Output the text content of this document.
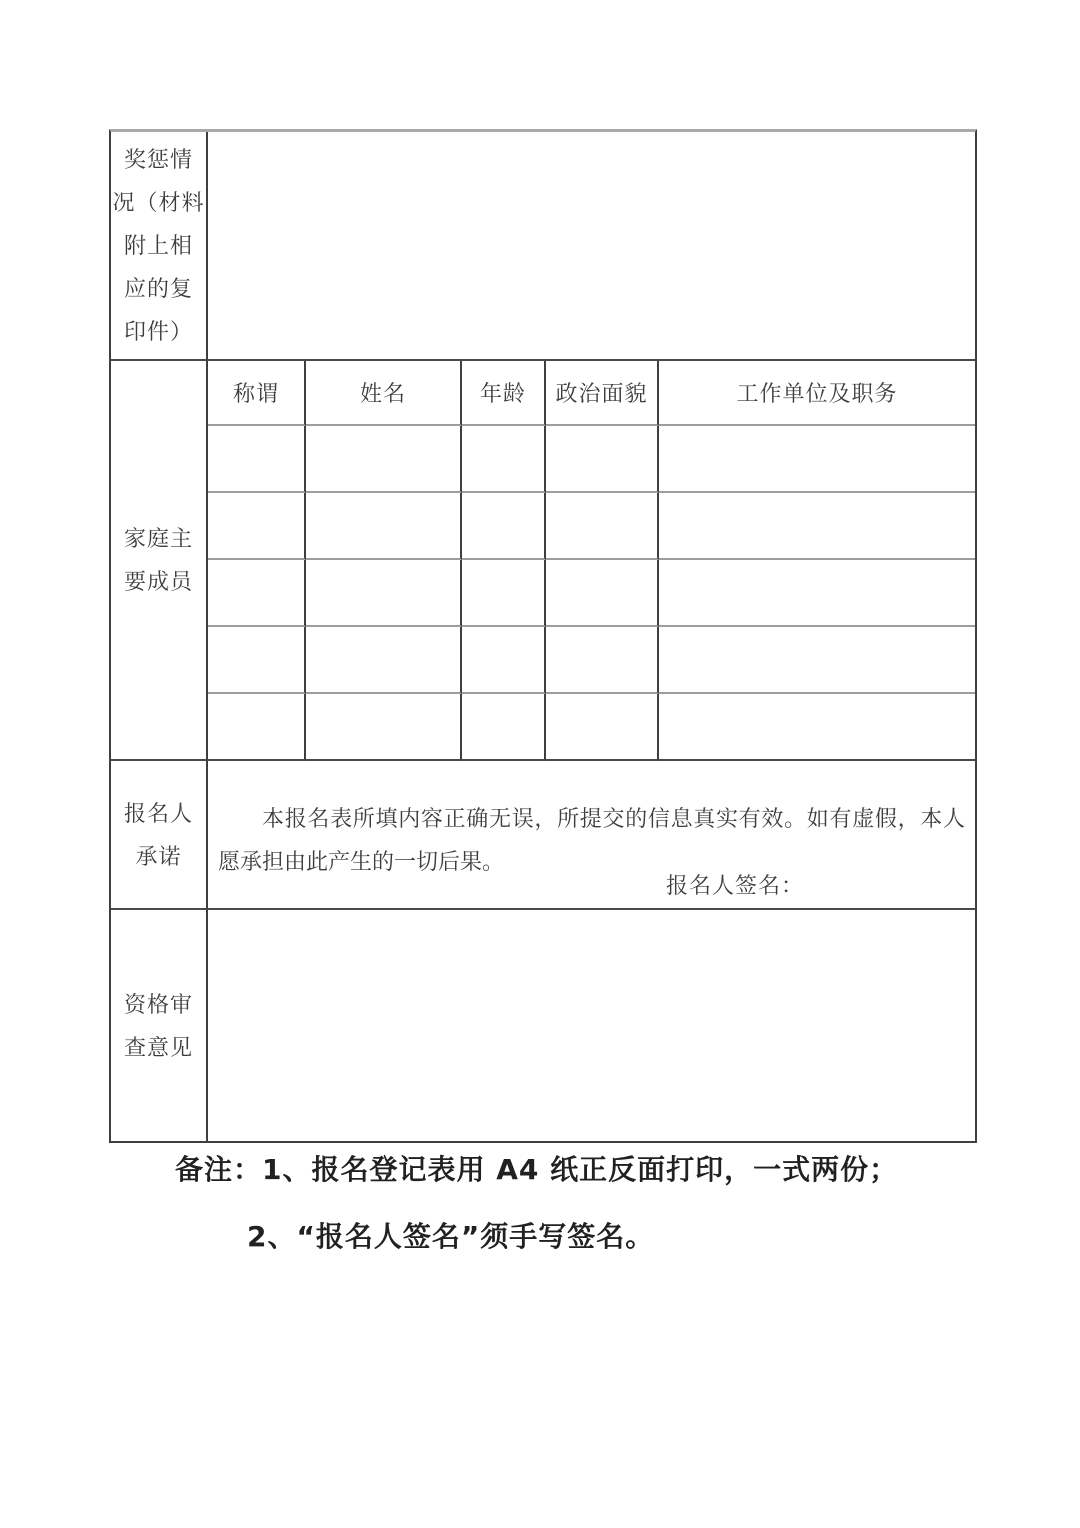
奖惩情
况（材料
附上相
应的复
印件）					

家庭主
要成员	称谓	姓名	年龄	政治面貌	工作单位及职务

报名人
承诺

本报名表所填内容正确无误，所提交的信息真实有效。如有虚假，本人愿承担由此产生的一切后果。

报名人签名：

资格审
查意见					

备注：1、报名登记表用 A4 纸正反面打印，一式两份；
2、“报名人签名”须手写签名。
